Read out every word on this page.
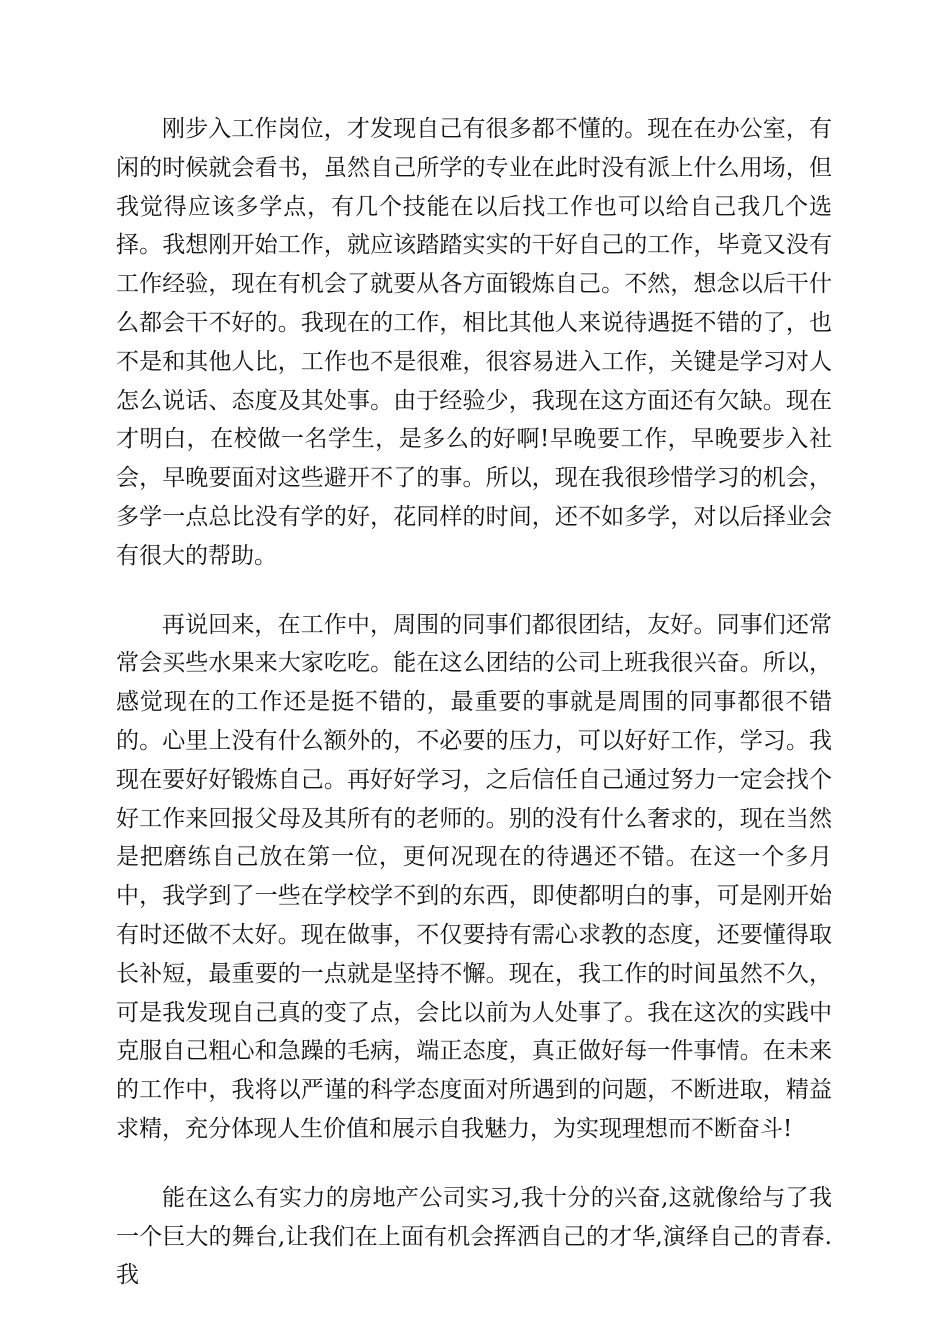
刚步入工作岗位，才发现自己有很多都不懂的。现在在办公室，有闲的时候就会看书，虽然自己所学的专业在此时没有派上什么用场，但我觉得应该多学点，有几个技能在以后找工作也可以给自己我几个选择。我想刚开始工作，就应该踏踏实实的干好自己的工作，毕竟又没有工作经验，现在有机会了就要从各方面锻炼自己。不然，想念以后干什么都会干不好的。我现在的工作，相比其他人来说待遇挺不错的了，也不是和其他人比，工作也不是很难，很容易进入工作，关键是学习对人怎么说话、态度及其处事。由于经验少，我现在这方面还有欠缺。现在才明白，在校做一名学生，是多么的好啊!早晚要工作，早晚要步入社会，早晚要面对这些避开不了的事。所以，现在我很珍惜学习的机会，多学一点总比没有学的好，花同样的时间，还不如多学，对以后择业会有很大的帮助。

再说回来，在工作中，周围的同事们都很团结，友好。同事们还常常会买些水果来大家吃吃。能在这么团结的公司上班我很兴奋。所以，感觉现在的工作还是挺不错的，最重要的事就是周围的同事都很不错的。心里上没有什么额外的，不必要的压力，可以好好工作，学习。我现在要好好锻炼自己。再好好学习，之后信任自己通过努力一定会找个好工作来回报父母及其所有的老师的。别的没有什么奢求的，现在当然是把磨练自己放在第一位，更何况现在的待遇还不错。在这一个多月中，我学到了一些在学校学不到的东西，即使都明白的事，可是刚开始有时还做不太好。现在做事，不仅要持有需心求教的态度，还要懂得取长补短，最重要的一点就是坚持不懈。现在，我工作的时间虽然不久，可是我发现自己真的变了点，会比以前为人处事了。我在这次的实践中克服自己粗心和急躁的毛病，端正态度，真正做好每一件事情。在未来的工作中，我将以严谨的科学态度面对所遇到的问题，不断进取，精益求精，充分体现人生价值和展示自我魅力，为实现理想而不断奋斗!

能在这么有实力的房地产公司实习,我十分的兴奋,这就像给与了我一个巨大的舞台,让我们在上面有机会挥洒自己的才华,演绎自己的青春.我
